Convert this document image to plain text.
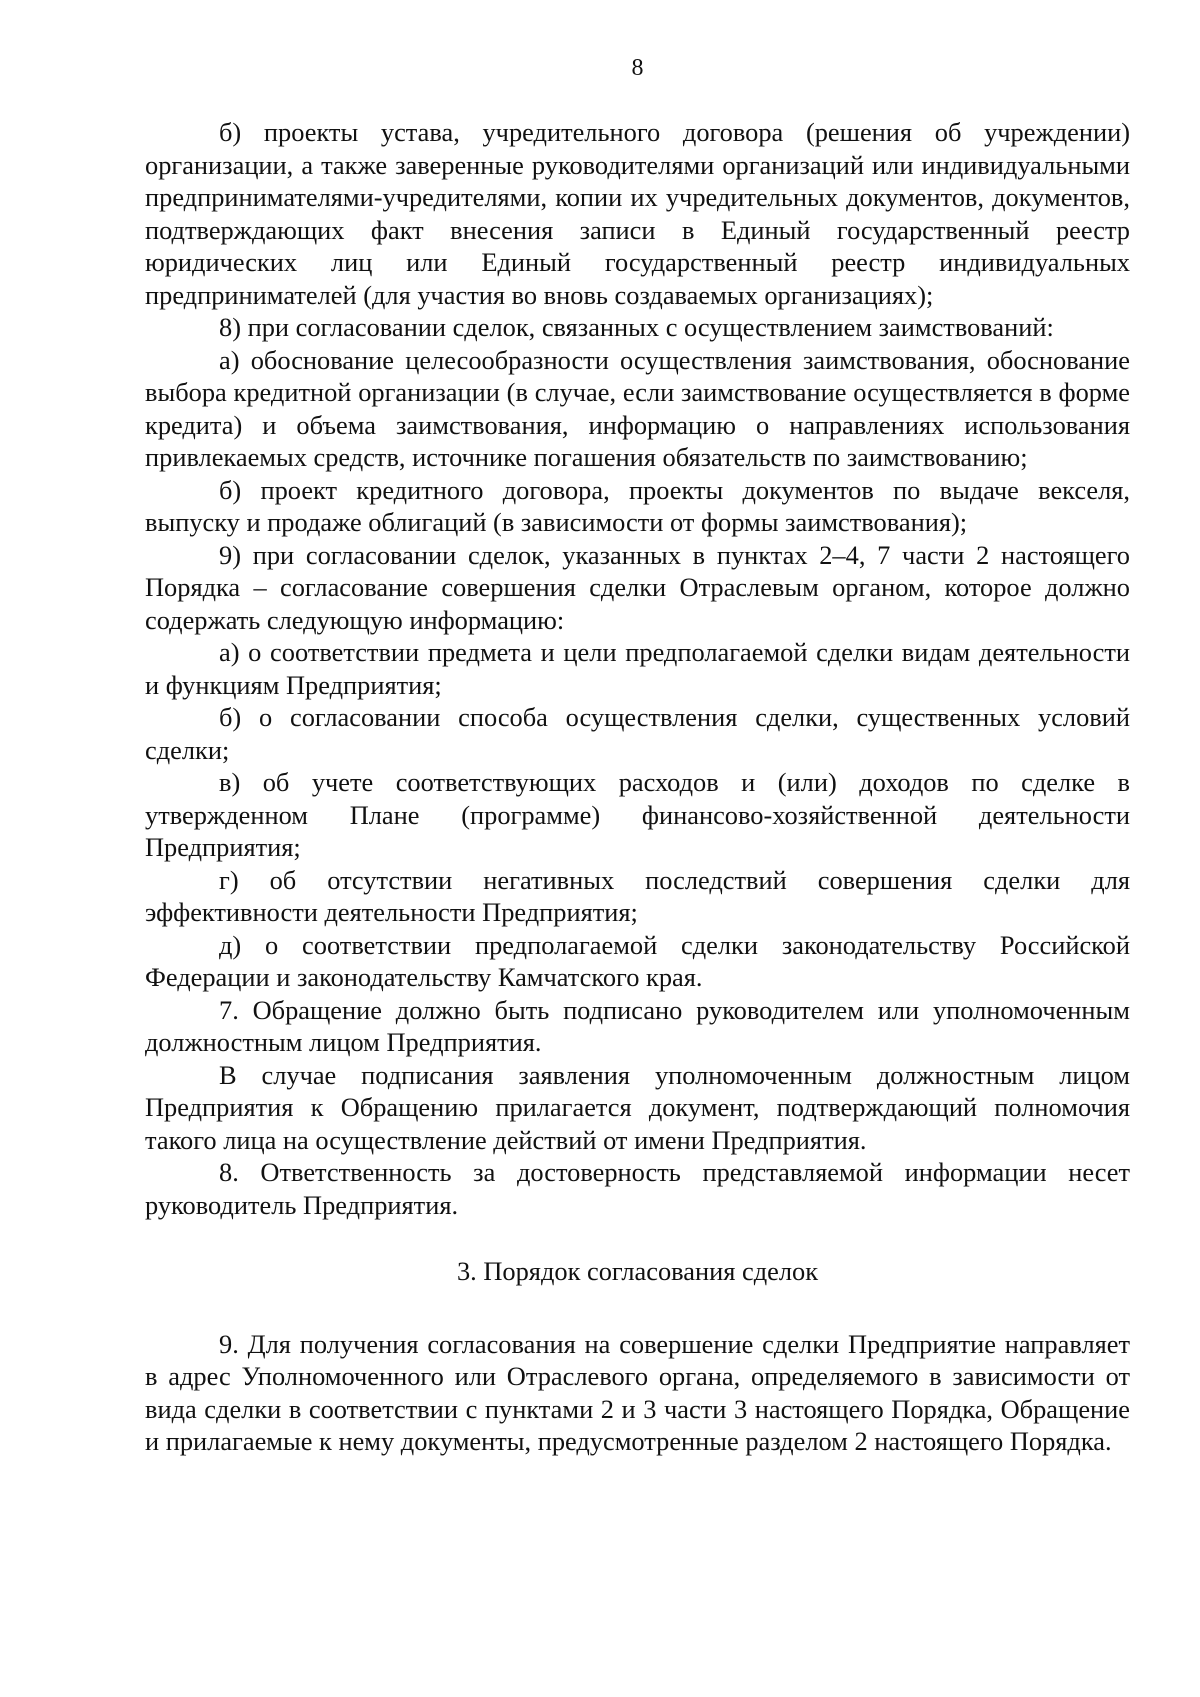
8

б) проекты устава, учредительного договора (решения об учреждении) организации, а также заверенные руководителями организаций или индивидуальными предпринимателями-учредителями, копии их учредительных документов, документов, подтверждающих факт внесения записи в Единый государственный реестр юридических лиц или Единый государственный реестр индивидуальных предпринимателей (для участия во вновь создаваемых организациях);

8) при согласовании сделок, связанных с осуществлением заимствований:

а) обоснование целесообразности осуществления заимствования, обоснование выбора кредитной организации (в случае, если заимствование осуществляется в форме кредита) и объема заимствования, информацию о направлениях использования привлекаемых средств, источнике погашения обязательств по заимствованию;

б) проект кредитного договора, проекты документов по выдаче векселя, выпуску и продаже облигаций (в зависимости от формы заимствования);

9) при согласовании сделок, указанных в пунктах 2–4, 7 части 2 настоящего Порядка – согласование совершения сделки Отраслевым органом, которое должно содержать следующую информацию:

а) о соответствии предмета и цели предполагаемой сделки видам деятельности и функциям Предприятия;

б) о согласовании способа осуществления сделки, существенных условий сделки;

в) об учете соответствующих расходов и (или) доходов по сделке в утвержденном Плане (программе) финансово-хозяйственной деятельности Предприятия;

г) об отсутствии негативных последствий совершения сделки для эффективности деятельности Предприятия;

д) о соответствии предполагаемой сделки законодательству Российской Федерации и законодательству Камчатского края.

7. Обращение должно быть подписано руководителем или уполномоченным должностным лицом Предприятия.

В случае подписания заявления уполномоченным должностным лицом Предприятия к Обращению прилагается документ, подтверждающий полномочия такого лица на осуществление действий от имени Предприятия.

8. Ответственность за достоверность представляемой информации несет руководитель Предприятия.

3. Порядок согласования сделок

9. Для получения согласования на совершение сделки Предприятие направляет в адрес Уполномоченного или Отраслевого органа, определяемого в зависимости от вида сделки в соответствии с пунктами 2 и 3 части 3 настоящего Порядка, Обращение и прилагаемые к нему документы, предусмотренные разделом 2 настоящего Порядка.
